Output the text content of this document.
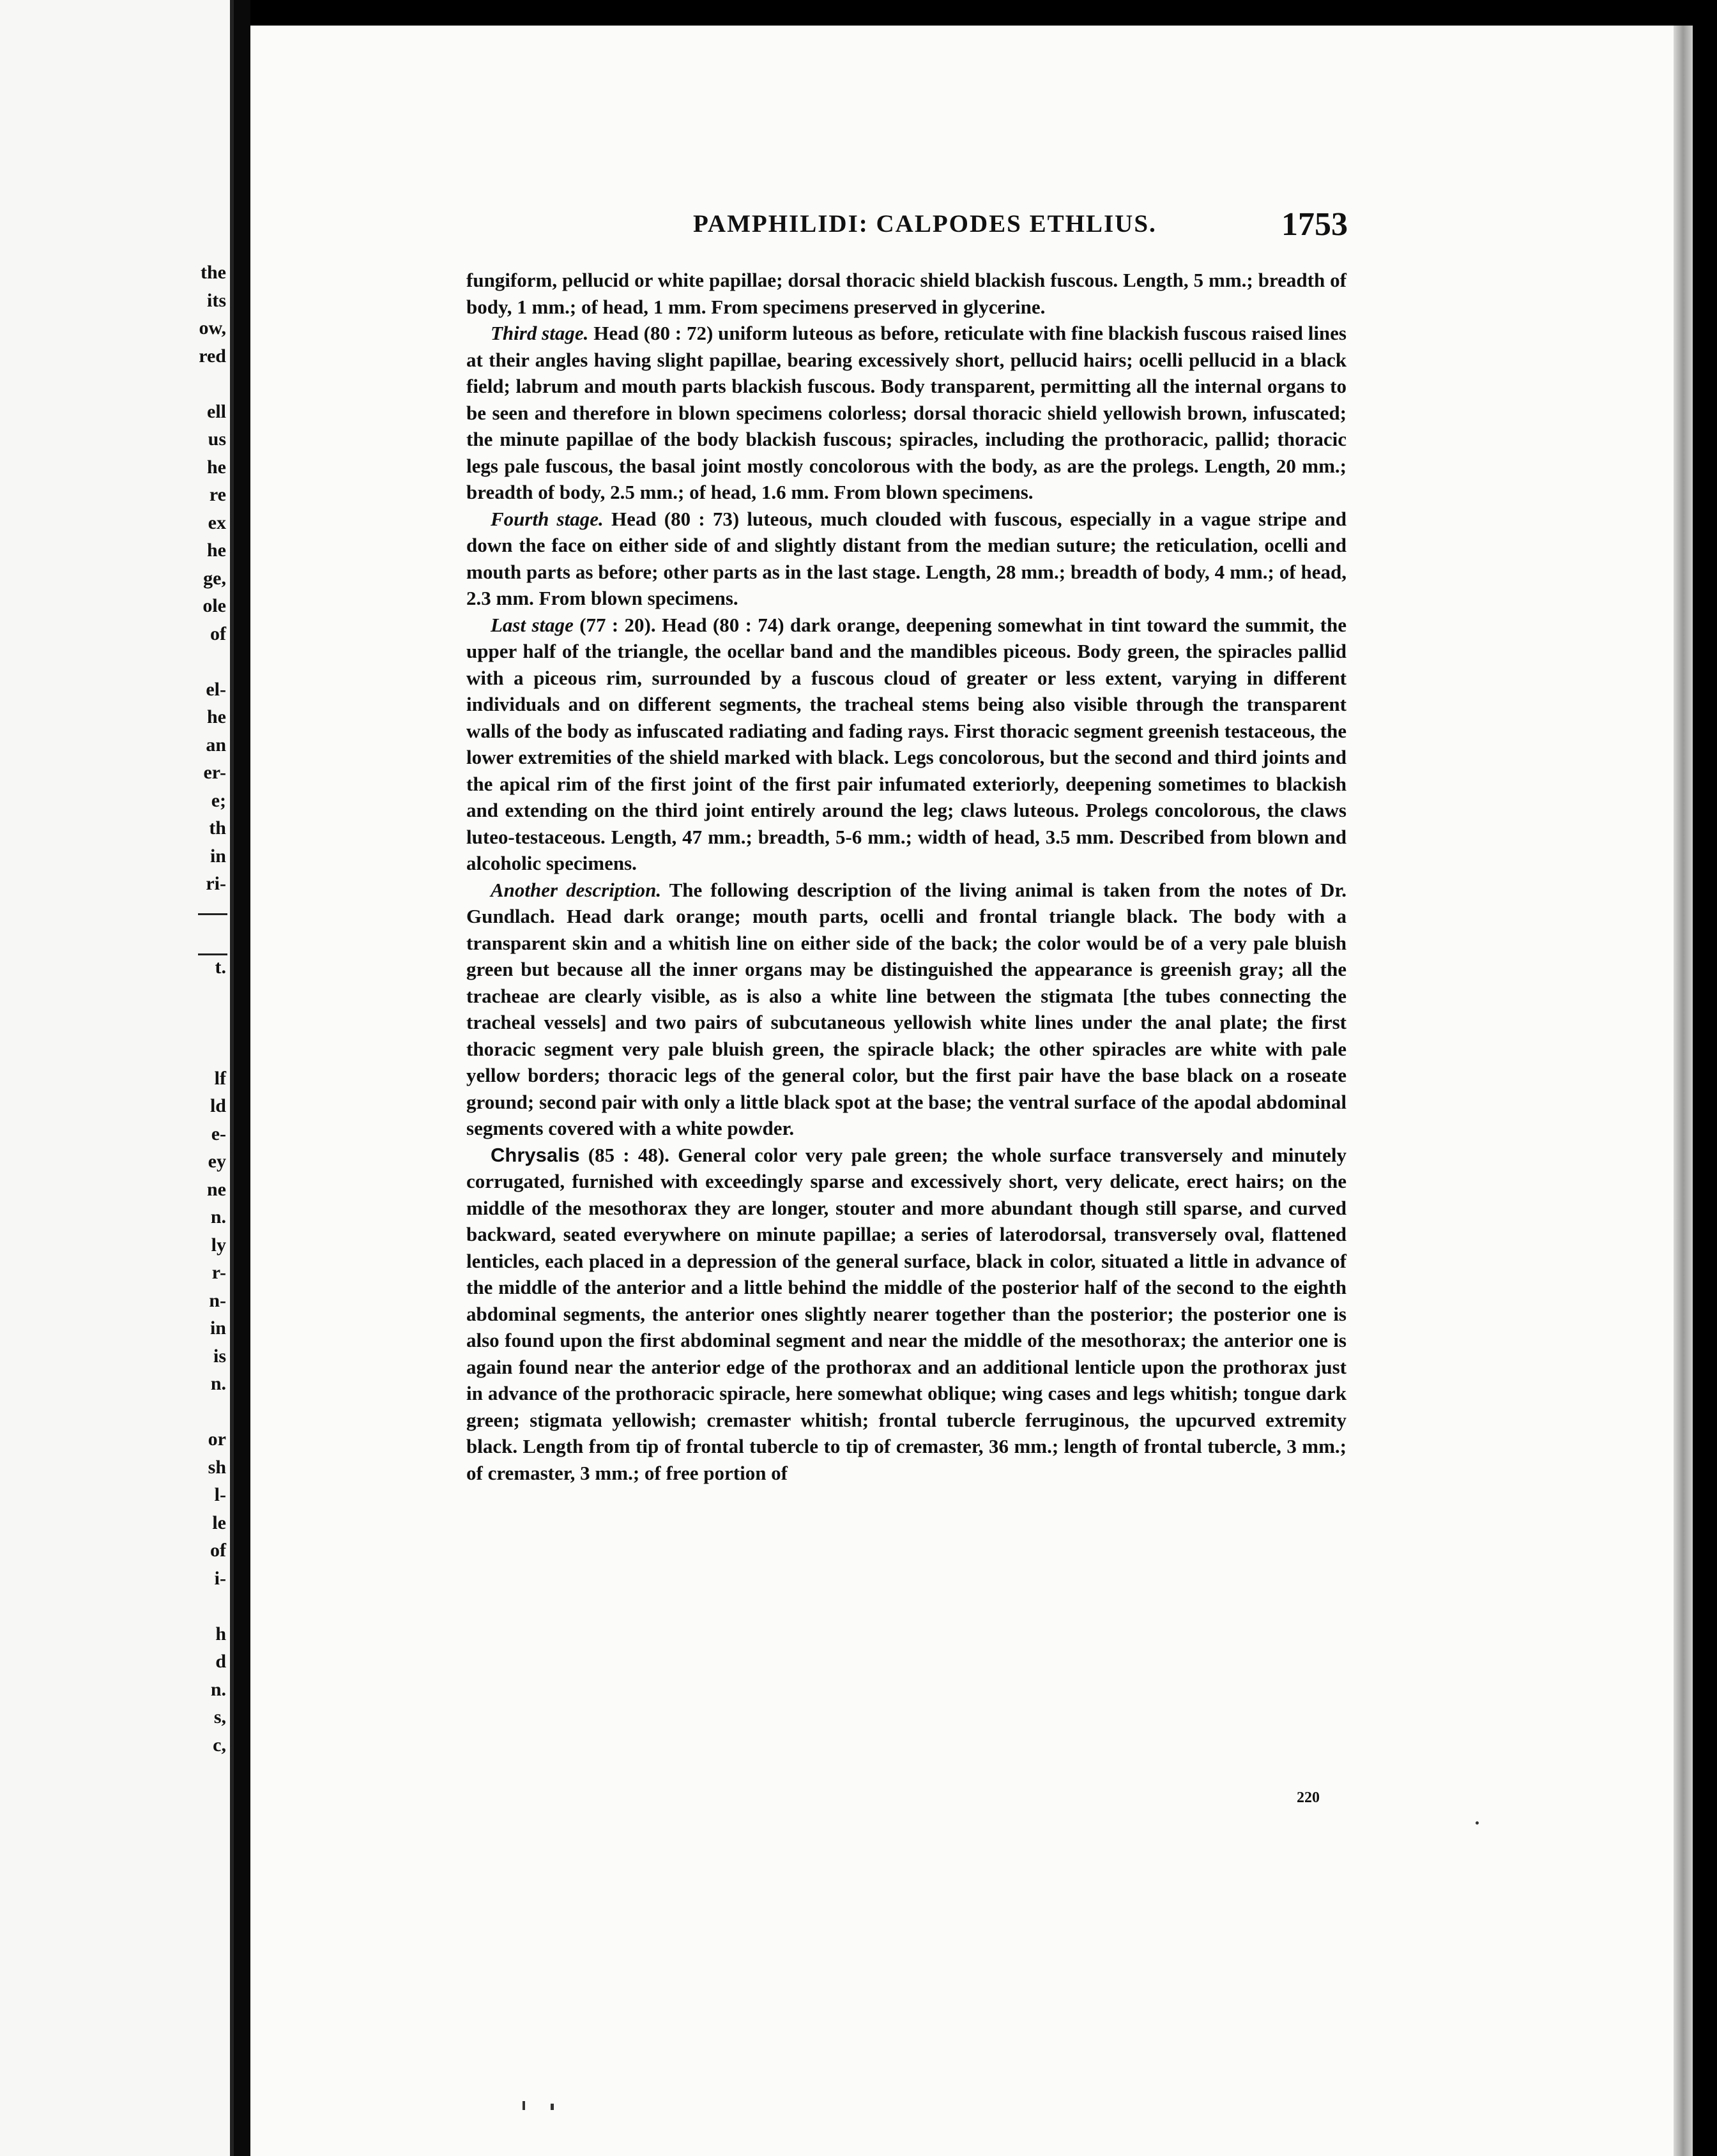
the
its
ow,
red
ell
us
he
re
ex
he
ge,
ole
of
el-
he
an
er-
e;
th
in
ri-
t.
lf
ld
e-
ey
ne
n.
ly
r-
n-
in
is
n.
or
sh
l-
le
of
i-
h
d
n.
s,
c,
PAMPHILIDI: CALPODES ETHLIUS.	1753

fungiform, pellucid or white papillae; dorsal thoracic shield blackish fuscous. Length, 5 mm.; breadth of body, 1 mm.; of head, 1 mm. From specimens preserved in glycerine.

Third stage. Head (80 : 72) uniform luteous as before, reticulate with fine blackish fuscous raised lines at their angles having slight papillae, bearing excessively short, pellucid hairs; ocelli pellucid in a black field; labrum and mouth parts blackish fuscous. Body transparent, permitting all the internal organs to be seen and therefore in blown specimens colorless; dorsal thoracic shield yellowish brown, infuscated; the minute papillae of the body blackish fuscous; spiracles, including the prothoracic, pallid; thoracic legs pale fuscous, the basal joint mostly concolorous with the body, as are the prolegs. Length, 20 mm.; breadth of body, 2.5 mm.; of head, 1.6 mm. From blown specimens.

Fourth stage. Head (80 : 73) luteous, much clouded with fuscous, especially in a vague stripe and down the face on either side of and slightly distant from the median suture; the reticulation, ocelli and mouth parts as before; other parts as in the last stage. Length, 28 mm.; breadth of body, 4 mm.; of head, 2.3 mm. From blown specimens.

Last stage (77 : 20). Head (80 : 74) dark orange, deepening somewhat in tint toward the summit, the upper half of the triangle, the ocellar band and the mandibles piceous. Body green, the spiracles pallid with a piceous rim, surrounded by a fuscous cloud of greater or less extent, varying in different individuals and on different segments, the tracheal stems being also visible through the transparent walls of the body as infuscated radiating and fading rays. First thoracic segment greenish testaceous, the lower extremities of the shield marked with black. Legs concolorous, but the second and third joints and the apical rim of the first joint of the first pair infumated exteriorly, deepening sometimes to blackish and extending on the third joint entirely around the leg; claws luteous. Prolegs concolorous, the claws luteo-testaceous. Length, 47 mm.; breadth, 5-6 mm.; width of head, 3.5 mm. Described from blown and alcoholic specimens.

Another description. The following description of the living animal is taken from the notes of Dr. Gundlach. Head dark orange; mouth parts, ocelli and frontal triangle black. The body with a transparent skin and a whitish line on either side of the back; the color would be of a very pale bluish green but because all the inner organs may be distinguished the appearance is greenish gray; all the tracheae are clearly visible, as is also a white line between the stigmata [the tubes connecting the tracheal vessels] and two pairs of subcutaneous yellowish white lines under the anal plate; the first thoracic segment very pale bluish green, the spiracle black; the other spiracles are white with pale yellow borders; thoracic legs of the general color, but the first pair have the base black on a roseate ground; second pair with only a little black spot at the base; the ventral surface of the apodal abdominal segments covered with a white powder.

Chrysalis (85 : 48). General color very pale green; the whole surface transversely and minutely corrugated, furnished with exceedingly sparse and excessively short, very delicate, erect hairs; on the middle of the mesothorax they are longer, stouter and more abundant though still sparse, and curved backward, seated everywhere on minute papillae; a series of laterodorsal, transversely oval, flattened lenticles, each placed in a depression of the general surface, black in color, situated a little in advance of the middle of the anterior and a little behind the middle of the posterior half of the second to the eighth abdominal segments, the anterior ones slightly nearer together than the posterior; the posterior one is also found upon the first abdominal segment and near the middle of the mesothorax; the anterior one is again found near the anterior edge of the prothorax and an additional lenticle upon the prothorax just in advance of the prothoracic spiracle, here somewhat oblique; wing cases and legs whitish; tongue dark green; stigmata yellowish; cremaster whitish; frontal tubercle ferruginous, the upcurved extremity black. Length from tip of frontal tubercle to tip of cremaster, 36 mm.; length of frontal tubercle, 3 mm.; of cremaster, 3 mm.; of free portion of

220
